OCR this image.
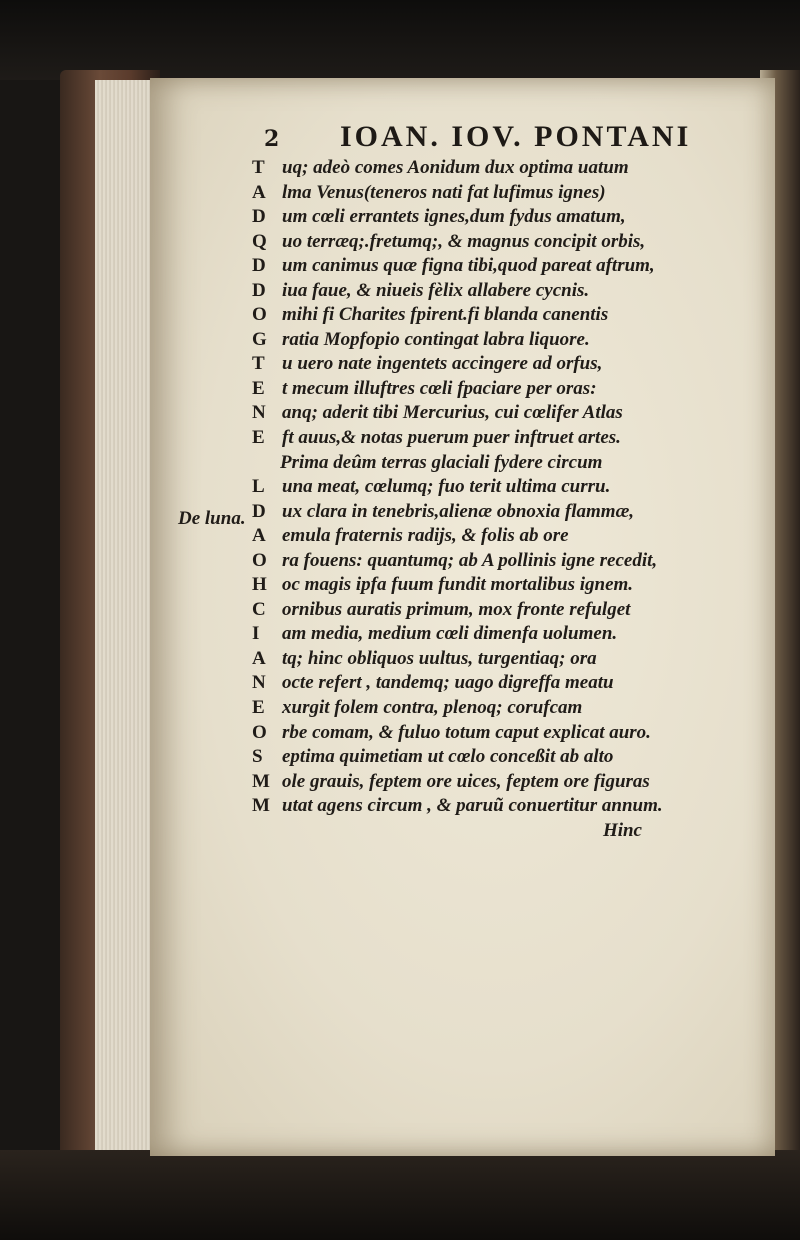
2 IOAN. IOV. PONTANI
De luna.
T uq; adeò comes Aonidum dux optima uatum
A lma Venus(teneros nati fat lufimus ignes)
D um cœli errantets ignes,dum fydus amatum,
Q uo terræq;.fretumq;, & magnus concipit orbis,
D um canimus quæ figna tibi,quod pareat aftrum,
D iua faue, & niueis fèlix allabere cycnis.
O mihi fi Charites fpirent.fi blanda canentis
G ratia Mopfopio contingat labra liquore.
T u uero nate ingentets accingere ad orfus,
E t mecum illuftres cœli fpaciare per oras:
N anq; aderit tibi Mercurius, cui cœlifer Atlas
E ft auus,& notas puerum puer inftruet artes.
Prima deûm terras glaciali fydere circum
L una meat, cœlumq; fuo terit ultima curru.
D ux clara in tenebris,alienæ obnoxia flammæ,
A emula fraternis radijs, & folis ab ore
O ra fouens: quantumq; ab A pollinis igne recedit,
H oc magis ipfa fuum fundit mortalibus ignem.
C ornibus auratis primum, mox fronte refulget
I am media, medium cœli dimenfa uolumen.
A tq; hinc obliquos uultus, turgentiaq; ora
N octe refert , tandemq; uago digreffa meatu
E xurgit folem contra, plenoq; corufcam
O rbe comam, & fuluo totum caput explicat auro.
S eptima quimetiam ut cœlo conceßit ab alto
M ole grauis, feptem ore uices, feptem ore figuras
M utat agens circum , & paruũ conuertitur annum.
Hinc
